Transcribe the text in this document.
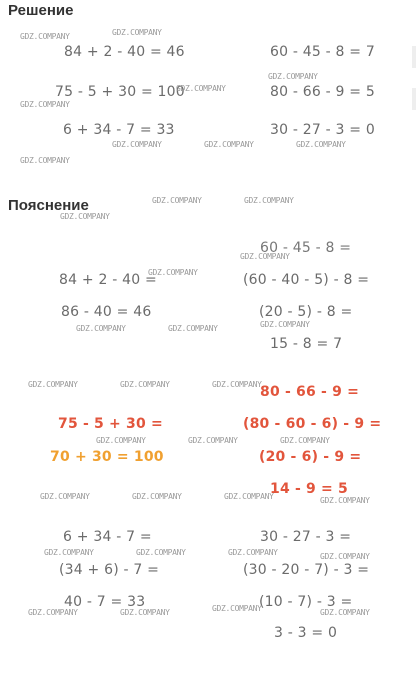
Решение
Пояснение
84 + 2 - 40 = 46
75 - 5 + 30 = 100
6 + 34 - 7 = 33
60 - 45 - 8 = 7
80 - 66 - 9 = 5
30 - 27 - 3 = 0
84 + 2 - 40 =
86 - 40 = 46
60 - 45 - 8 =
(60 - 40 - 5) - 8 =
(20 - 5) - 8 =
15 - 8 = 7
75 - 5 + 30 =
70 + 30 = 100
80 - 66 - 9 =
(80 - 60 - 6) - 9 =
(20 - 6) - 9 =
14 - 9 = 5
6 + 34 - 7 =
(34 + 6) - 7 =
40 - 7 = 33
30 - 27 - 3 =
(30 - 20 - 7) - 3 =
(10 - 7) - 3 =
3 - 3 = 0
GDZ.COMPANY	GDZ.COMPANY
GDZ.COMPANY
GDZ.COMPANY
GDZ.COMPANY
GDZ.COMPANY	GDZ.COMPANY	GDZ.COMPANY
GDZ.COMPANY
GDZ.COMPANY	GDZ.COMPANY
GDZ.COMPANY
GDZ.COMPANY
GDZ.COMPANY
GDZ.COMPANY	GDZ.COMPANY	GDZ.COMPANY
GDZ.COMPANY	GDZ.COMPANY	GDZ.COMPANY
GDZ.COMPANY	GDZ.COMPANY	GDZ.COMPANY
GDZ.COMPANY	GDZ.COMPANY	GDZ.COMPANY	GDZ.COMPANY
GDZ.COMPANY	GDZ.COMPANY	GDZ.COMPANY	GDZ.COMPANY
GDZ.COMPANY	GDZ.COMPANY	GDZ.COMPANY	GDZ.COMPANY
